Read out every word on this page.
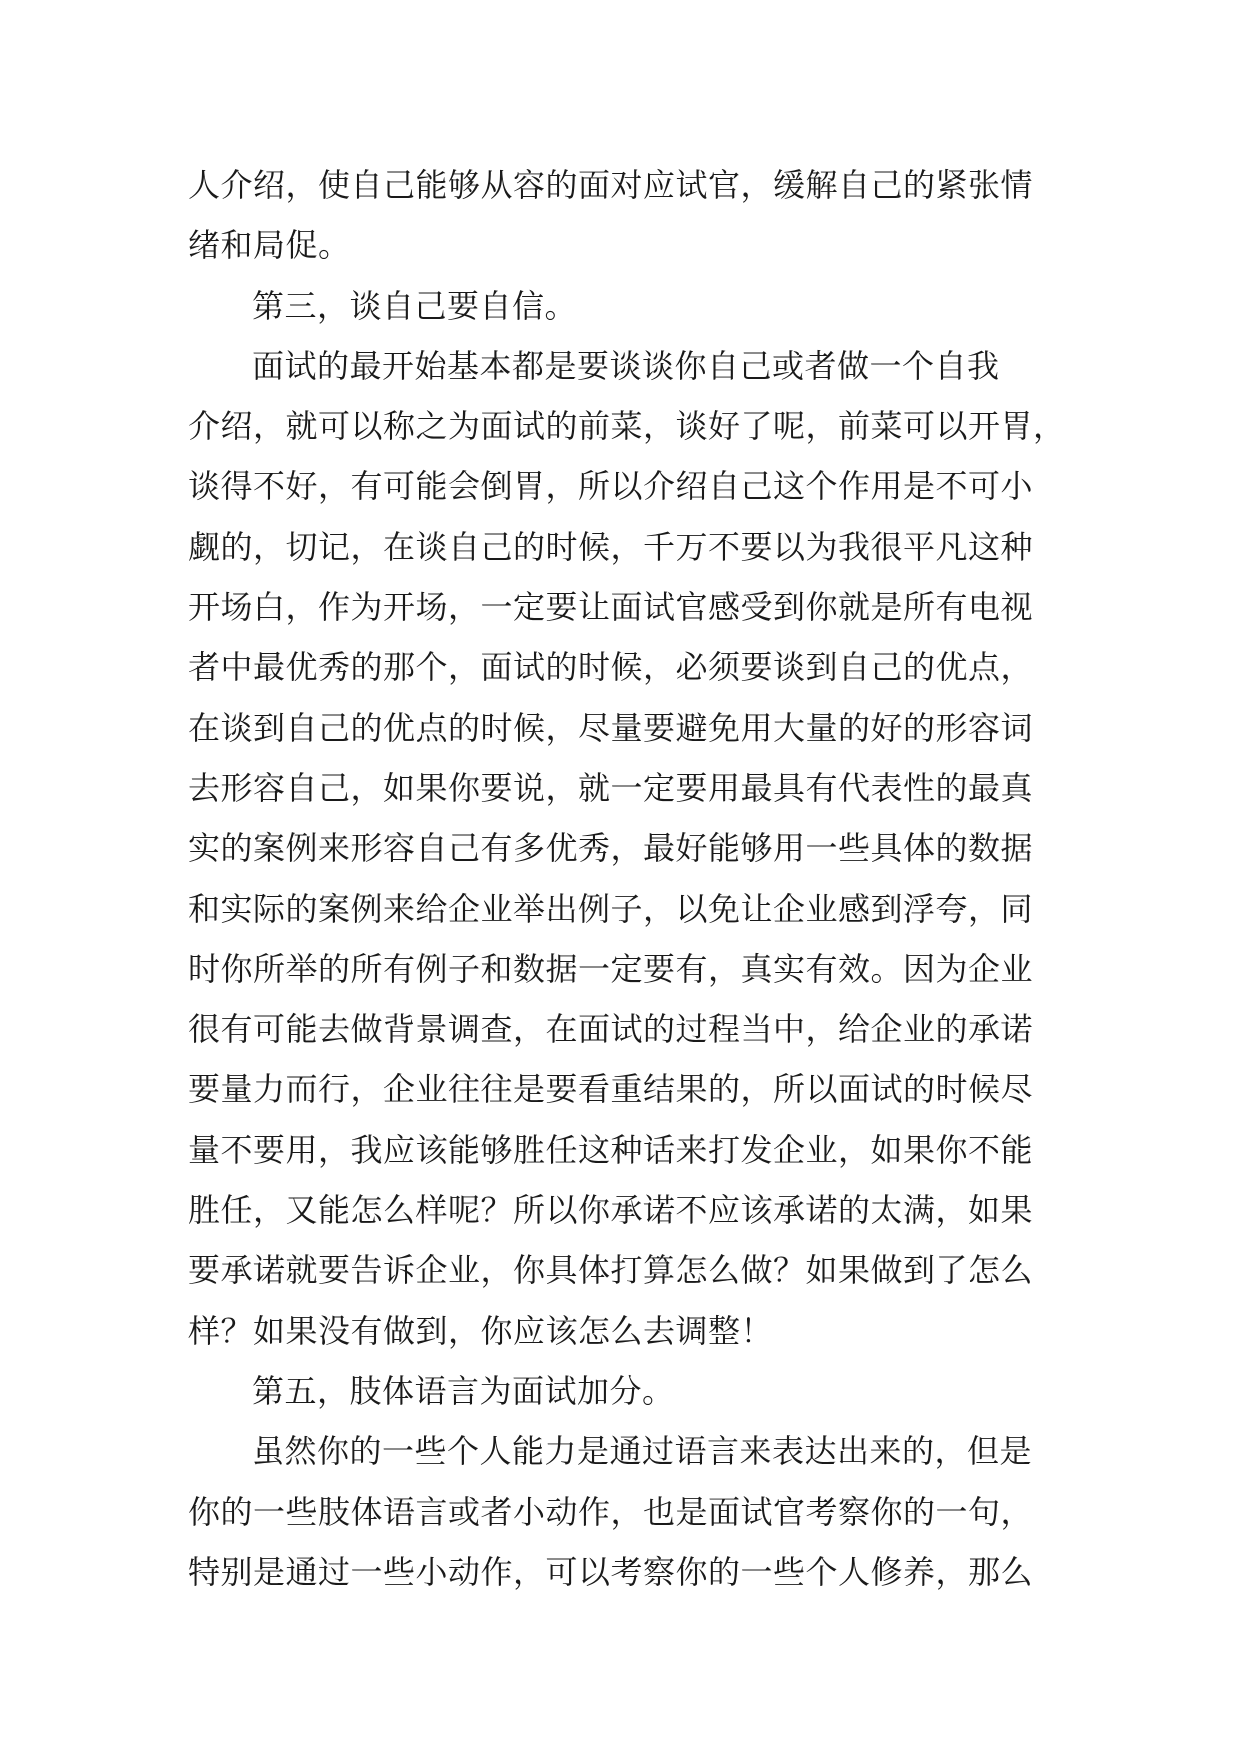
人介绍，使自己能够从容的面对应试官，缓解自己的紧张情
绪和局促。
第三，谈自己要自信。
面试的最开始基本都是要谈谈你自己或者做一个自我
介绍，就可以称之为面试的前菜，谈好了呢，前菜可以开胃，
谈得不好，有可能会倒胃，所以介绍自己这个作用是不可小
觑的，切记，在谈自己的时候，千万不要以为我很平凡这种
开场白，作为开场，一定要让面试官感受到你就是所有电视
者中最优秀的那个，面试的时候，必须要谈到自己的优点，
在谈到自己的优点的时候，尽量要避免用大量的好的形容词
去形容自己，如果你要说，就一定要用最具有代表性的最真
实的案例来形容自己有多优秀，最好能够用一些具体的数据
和实际的案例来给企业举出例子，以免让企业感到浮夸，同
时你所举的所有例子和数据一定要有，真实有效。因为企业
很有可能去做背景调查，在面试的过程当中，给企业的承诺
要量力而行，企业往往是要看重结果的，所以面试的时候尽
量不要用，我应该能够胜任这种话来打发企业，如果你不能
胜任，又能怎么样呢？所以你承诺不应该承诺的太满，如果
要承诺就要告诉企业，你具体打算怎么做？如果做到了怎么
样？如果没有做到，你应该怎么去调整！
第五，肢体语言为面试加分。
虽然你的一些个人能力是通过语言来表达出来的，但是
你的一些肢体语言或者小动作，也是面试官考察你的一句，
特别是通过一些小动作，可以考察你的一些个人修养，那么
